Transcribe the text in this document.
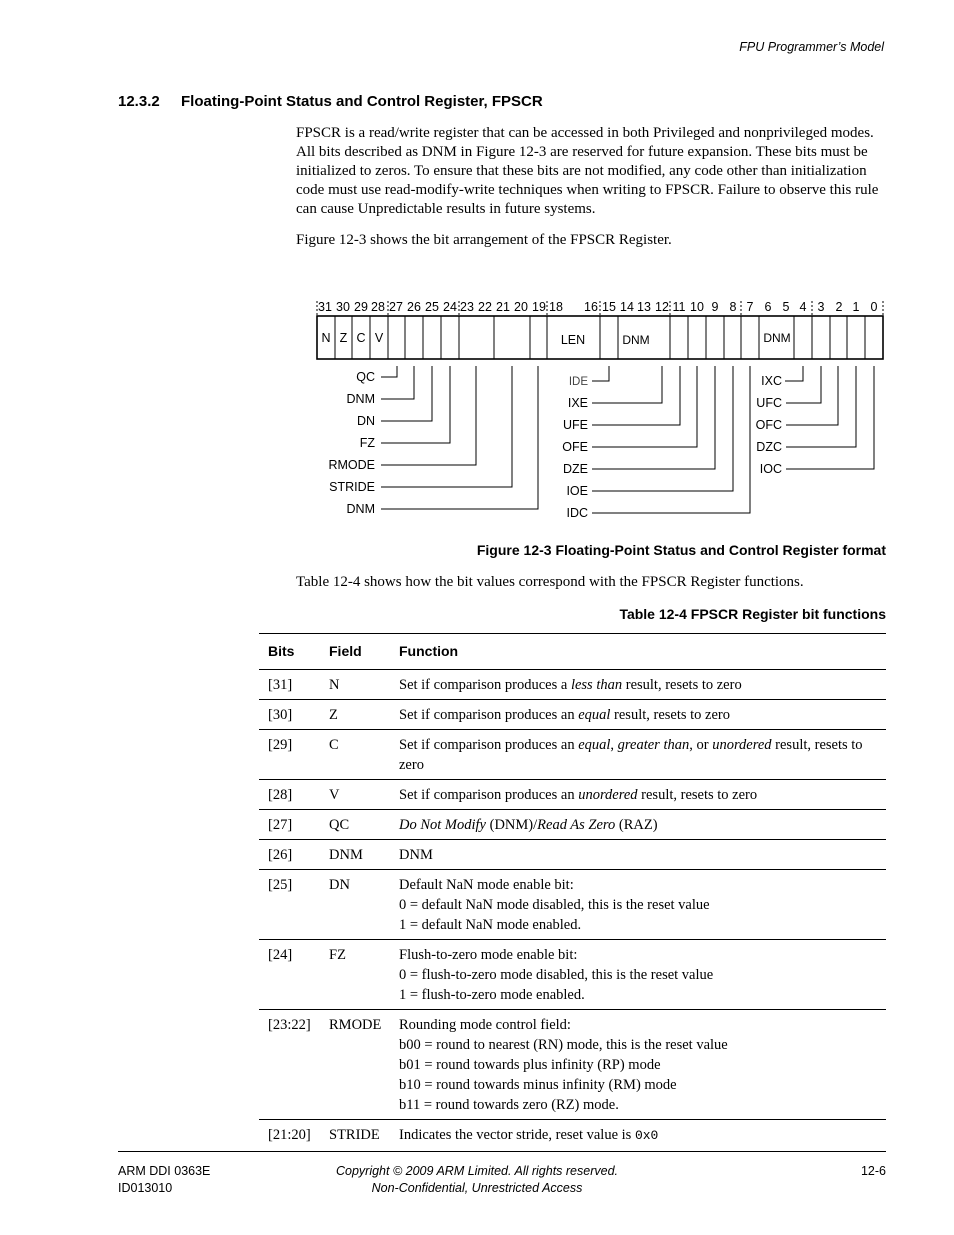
FPU Programmer’s Model
12.3.2 Floating-Point Status and Control Register, FPSCR
FPSCR is a read/write register that can be accessed in both Privileged and nonprivileged modes. All bits described as DNM in Figure 12-3 are reserved for future expansion. These bits must be initialized to zeros. To ensure that these bits are not modified, any code other than initialization code must use read-modify-write techniques when writing to FPSCR. Failure to observe this rule can cause Unpredictable results in future systems.
Figure 12-3 shows the bit arrangement of the FPSCR Register.
31 30 29 28 27 26 25 24 23 22 21 20 19 18 16 15 14 13 12 11 10 9 8 7 6 5 4 3 2 1 0
N Z C V	LEN	DNM	DNM
QC
DNM
DN
FZ
RMODE
STRIDE
DNM
IDE
IXE
UFE
OFE
DZE
IOE
IDC
IXC
UFC
OFC
DZC
IOC
Figure 12-3 Floating-Point Status and Control Register format
Table 12-4 shows how the bit values correspond with the FPSCR Register functions.
Table 12-4 FPSCR Register bit functions
Bits	Field	Function
[31]	N	Set if comparison produces a less than result, resets to zero
[30]	Z	Set if comparison produces an equal result, resets to zero
[29]	C	Set if comparison produces an equal, greater than, or unordered result, resets to zero
[28]	V	Set if comparison produces an unordered result, resets to zero
[27]	QC	Do Not Modify (DNM)/Read As Zero (RAZ)
[26]	DNM	DNM
[25]	DN	Default NaN mode enable bit:
0 = default NaN mode disabled, this is the reset value
1 = default NaN mode enabled.

[24]	FZ	Flush-to-zero mode enable bit:
0 = flush-to-zero mode disabled, this is the reset value
1 = flush-to-zero mode enabled.

[23:22]	RMODE	Rounding mode control field:
b00 = round to nearest (RN) mode, this is the reset value
b01 = round towards plus infinity (RP) mode
b10 = round towards minus infinity (RM) mode
b11 = round towards zero (RZ) mode.

[21:20]	STRIDE	Indicates the vector stride, reset value is 0x0
ARM DDI 0363E
ID013010
Copyright © 2009 ARM Limited. All rights reserved.
Non-Confidential, Unrestricted Access
12-6
